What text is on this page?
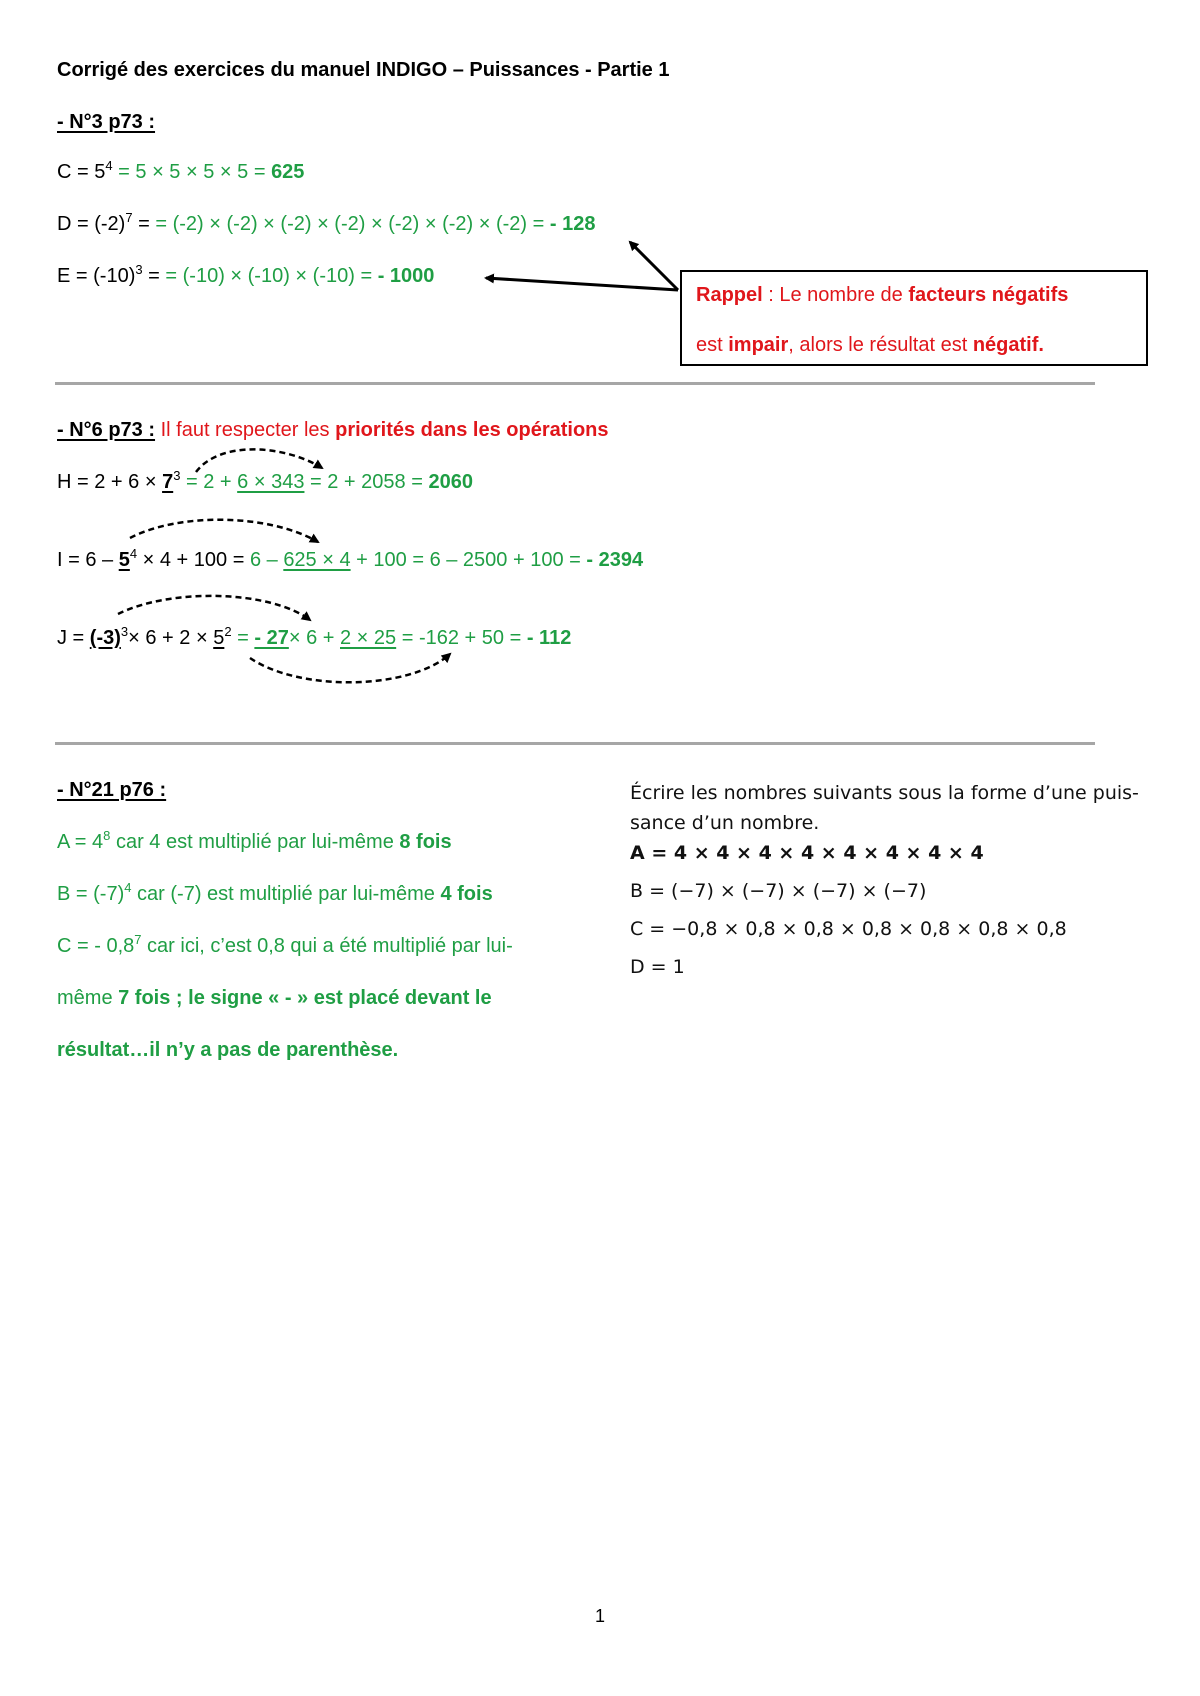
Corrigé des exercices du manuel INDIGO – Puissances - Partie 1
- N°3 p73 :
$C = 5^4 = 5 \times 5 \times 5 \times 5 = 625$
$D = (-2)^7$ = = (-2) × (-2) × (-2) × (-2) × (-2) × (-2) × (-2) = - 128
$E = (-10)^3$ = = (-10) × (-10) × (-10) = - 1000
Rappel : Le nombre de facteurs négatifs
est impair, alors le résultat est négatif.
- N°6 p73 : Il faut respecter les priorités dans les opérations
$H = 2 + 6 \times 7^3 = 2 + 6 \times 343 = 2 + 2058 = 2060$
$I = 6 - 5^4 \times 4 + 100 = 6 - 625 \times 4 + 100 = 6 - 2500 + 100$ = - 2394
$J = (-3)^3\times 6 + 2 \times 5^2$ = - 27× 6 + 2 × 25 = -162 + 50 = - 112
- N°21 p76 :
$A = 4^8$ car 4 est multiplié par lui-même 8 fois
$B = (-7)^4$ car (-7) est multiplié par lui-même 4 fois
C = - $0,8^7$ car ici, c’est 0,8 qui a été multiplié par lui-
même 7 fois ; le signe « - » est placé devant le
résultat…il n’y a pas de parenthèse.
Écrire les nombres suivants sous la forme d’une puis-
sance d’un nombre.
A = 4 × 4 × 4 × 4 × 4 × 4 × 4 × 4
B = (−7) × (−7) × (−7) × (−7)
C = −0,8 × 0,8 × 0,8 × 0,8 × 0,8 × 0,8 × 0,8
D = 1
1
